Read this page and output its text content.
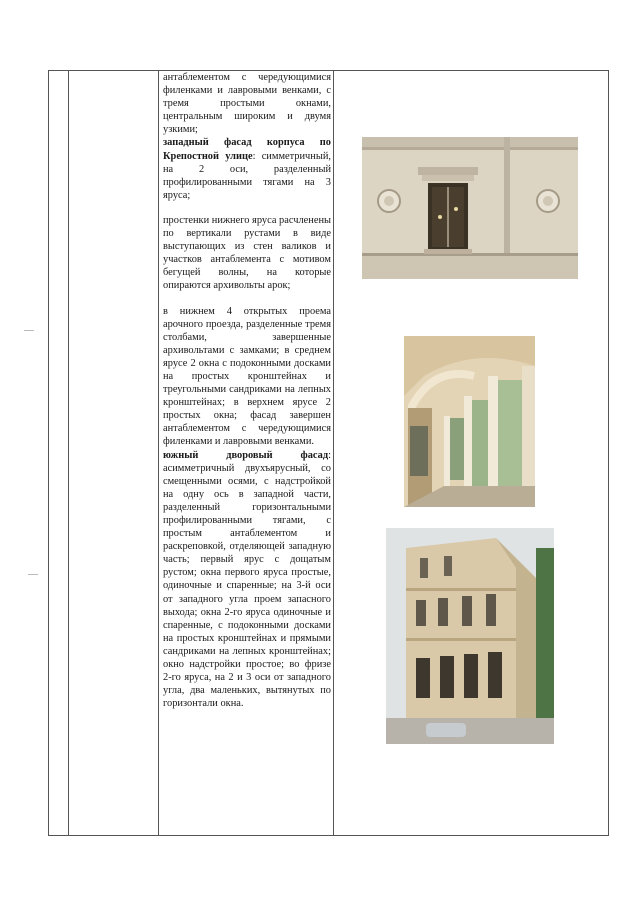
антаблементом с чередующимися филенками и лавровыми венками, с тремя простыми окнами, центральным широким и двумя узкими;

западный фасад корпуса по Крепостной улице: симметричный, на 2 оси, разделенный профилированными тягами на 3 яруса;

простенки нижнего яруса расчленены по вертикали рустами в виде выступающих из стен валиков и участков антаблемента с мотивом бегущей волны, на которые опираются архивольты арок;

в нижнем 4 открытых проема арочного проезда, разделенные тремя столбами, завершенные архивольтами с замками; в среднем ярусе 2 окна с подоконными досками на простых кронштейнах и треугольными сандриками на лепных кронштейнах; в верхнем ярусе 2 простых окна; фасад завершен антаблементом с чередующимися филенками и лавровыми венками.

южный дворовый фасад: асимметричный двухъярусный, со смещенными осями, с надстройкой на одну ось в западной части, разделенный горизонтальными профилированными тягами, с простым антаблементом и раскреповкой, отделяющей западную часть; первый ярус с дощатым рустом; окна первого яруса простые, одиночные и спаренные; на 3-й оси от западного угла проем запасного выхода; окна 2-го яруса одиночные и спаренные, с подоконными досками на простых кронштейнах и прямыми сандриками на лепных кронштейнах; окно надстройки простое; во фризе 2-го яруса, на 2 и 3 оси от западного угла, два маленьких, вытянутых по горизонтали окна.
